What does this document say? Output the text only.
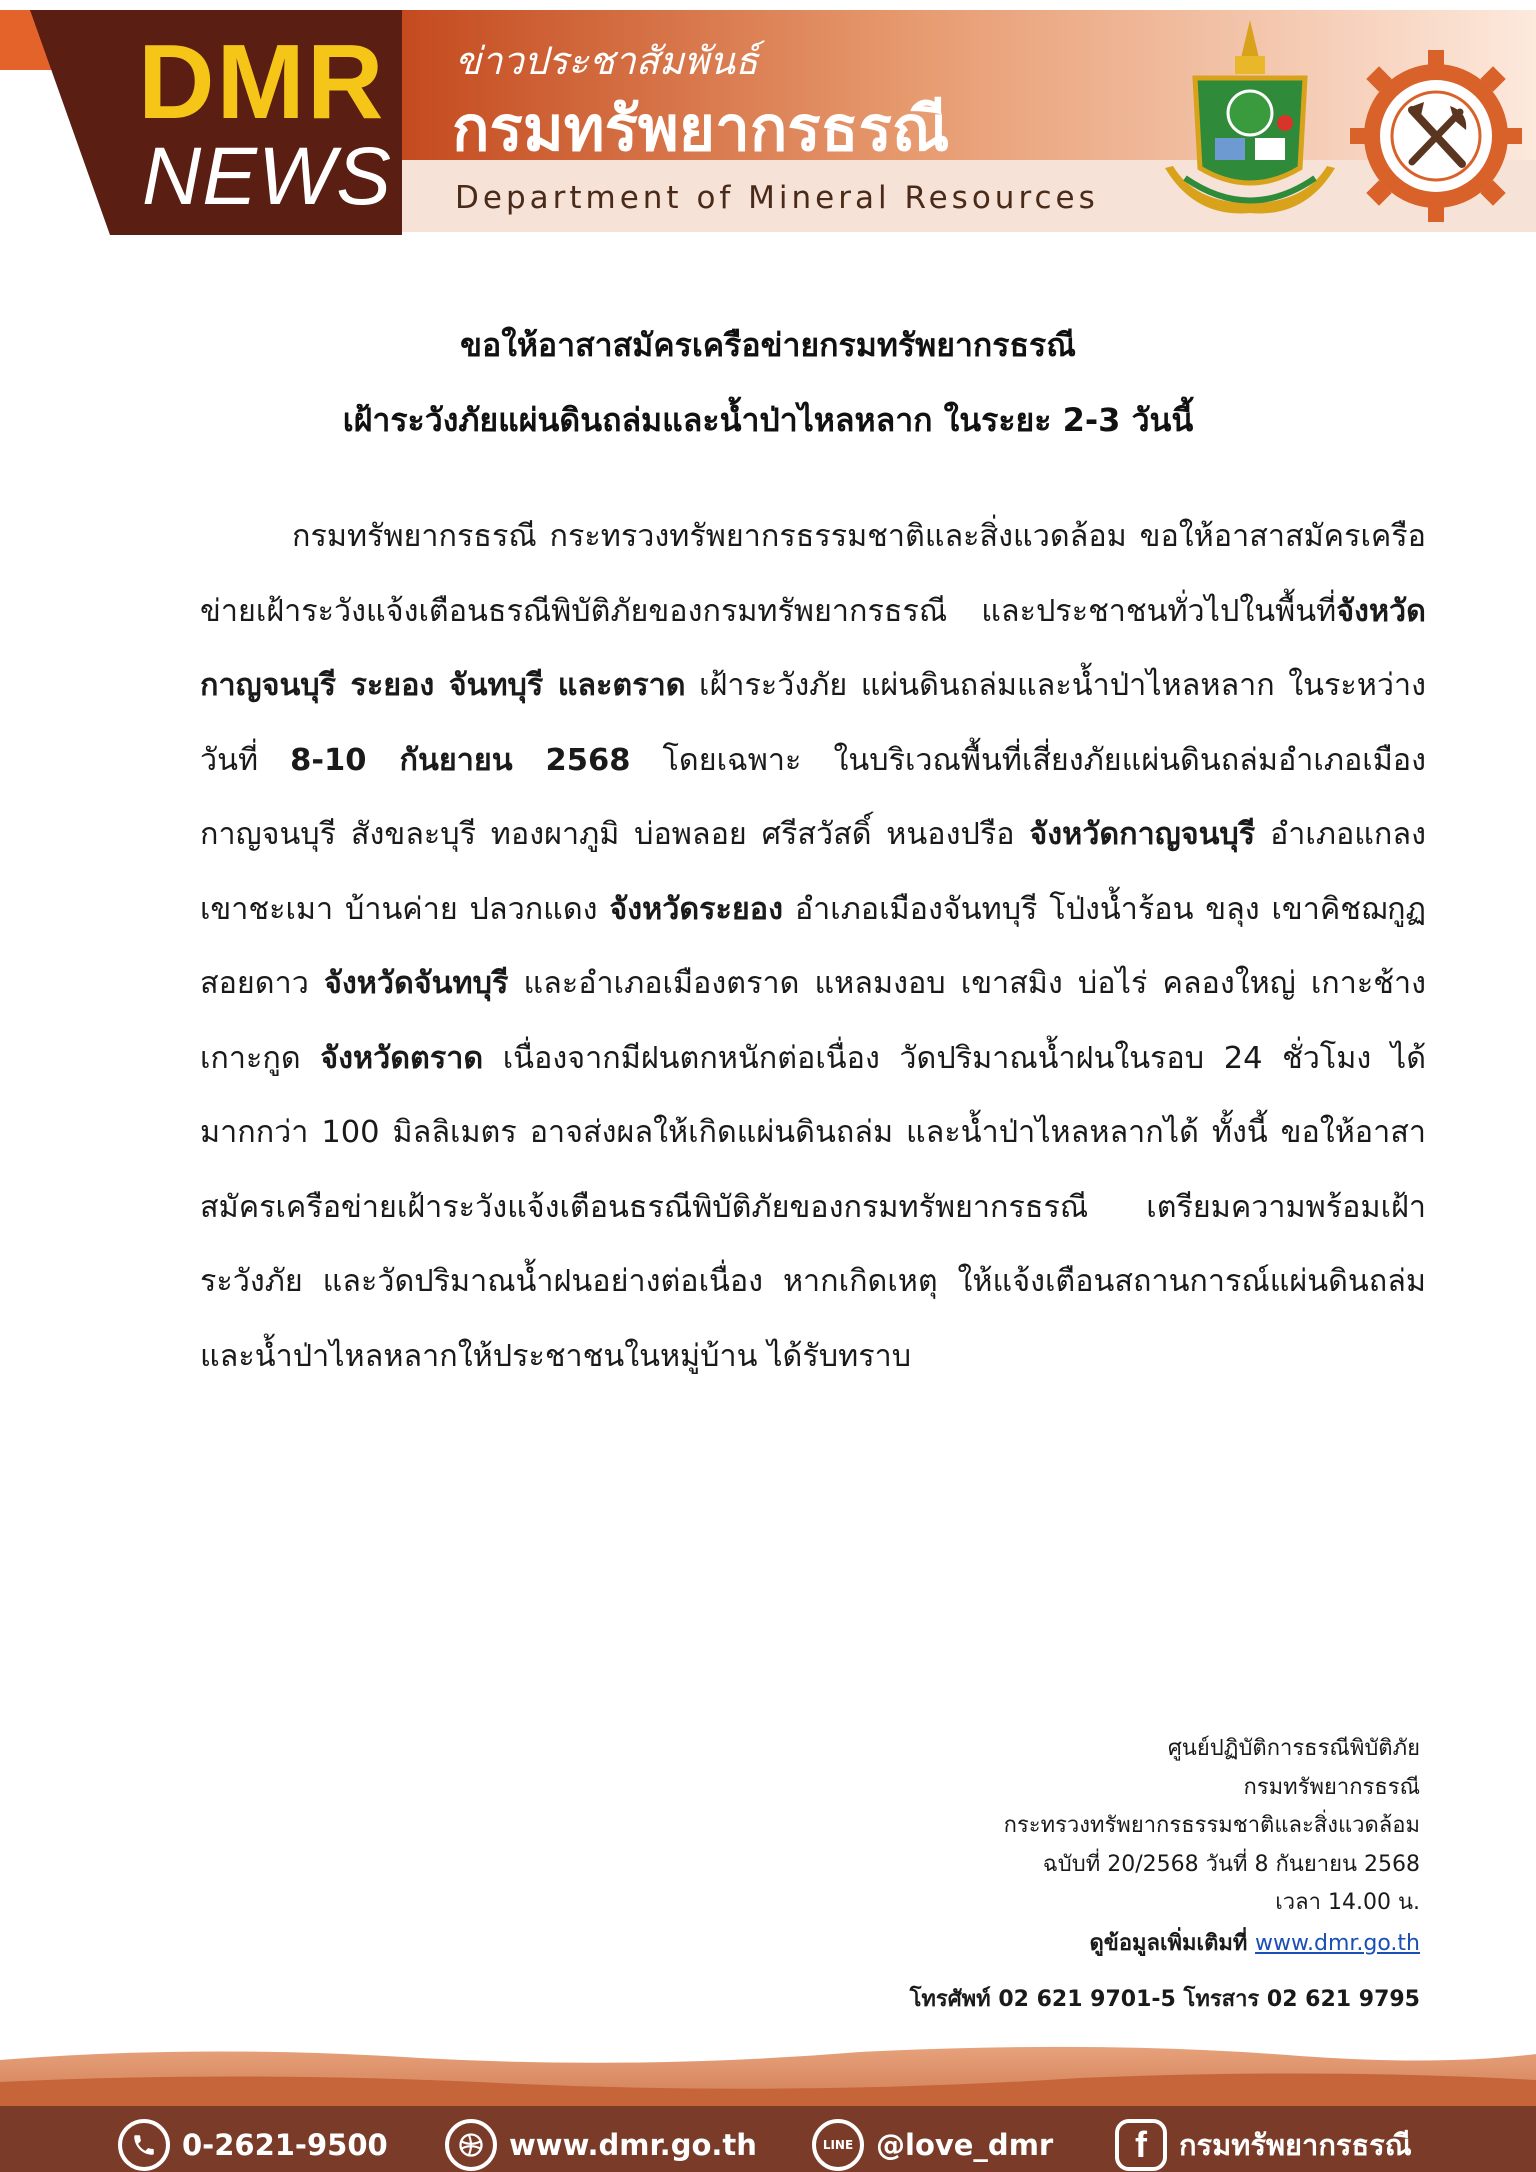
DMR
NEWS
ข่าวประชาสัมพันธ์
กรมทรัพยากรธรณี
Department of Mineral Resources
ขอให้อาสาสมัครเครือข่ายกรมทรัพยากรธรณี
เฝ้าระวังภัยแผ่นดินถล่มและน้ำป่าไหลหลาก ในระยะ 2-3 วันนี้

กรมทรัพยากรธรณี กระทรวงทรัพยากรธรรมชาติและสิ่งแวดล้อม ขอให้อาสาสมัครเครือข่ายเฝ้าระวังแจ้งเตือนธรณีพิบัติภัยของกรมทรัพยากรธรณี และประชาชนทั่วไปในพื้นที่จังหวัดกาญจนบุรี ระยอง จันทบุรี และตราด เฝ้าระวังภัย แผ่นดินถล่มและน้ำป่าไหลหลาก ในระหว่างวันที่ 8-10 กันยายน 2568 โดยเฉพาะ ในบริเวณพื้นที่เสี่ยงภัยแผ่นดินถล่มอำเภอเมืองกาญจนบุรี สังขละบุรี ทองผาภูมิ บ่อพลอย ศรีสวัสดิ์ หนองปรือ จังหวัดกาญจนบุรี อำเภอแกลง เขาชะเมา บ้านค่าย ปลวกแดง จังหวัดระยอง อำเภอเมืองจันทบุรี โป่งน้ำร้อน ขลุง เขาคิชฌกูฏ สอยดาว จังหวัดจันทบุรี และอำเภอเมืองตราด แหลมงอบ เขาสมิง บ่อไร่ คลองใหญ่ เกาะช้าง เกาะกูด จังหวัดตราด เนื่องจากมีฝนตกหนักต่อเนื่อง วัดปริมาณน้ำฝนในรอบ 24 ชั่วโมง ได้มากกว่า 100 มิลลิเมตร อาจส่งผลให้เกิดแผ่นดินถล่ม และน้ำป่าไหลหลากได้ ทั้งนี้ ขอให้อาสาสมัครเครือข่ายเฝ้าระวังแจ้งเตือนธรณีพิบัติภัยของกรมทรัพยากรธรณี เตรียมความพร้อมเฝ้าระวังภัย และวัดปริมาณน้ำฝนอย่างต่อเนื่อง หากเกิดเหตุ ให้แจ้งเตือนสถานการณ์แผ่นดินถล่มและน้ำป่าไหลหลากให้ประชาชนในหมู่บ้าน ได้รับทราบ

ศูนย์ปฏิบัติการธรณีพิบัติภัย
กรมทรัพยากรธรณี
กระทรวงทรัพยากรธรรมชาติและสิ่งแวดล้อม
ฉบับที่ 20/2568 วันที่ 8 กันยายน 2568
เวลา 14.00 น.
ดูข้อมูลเพิ่มเติมที่ www.dmr.go.th
โทรศัพท์ 02 621 9701-5 โทรสาร 02 621 9795
0-2621-9500	www.dmr.go.th	LINE @love_dmr f กรมทรัพยากรธรณี
